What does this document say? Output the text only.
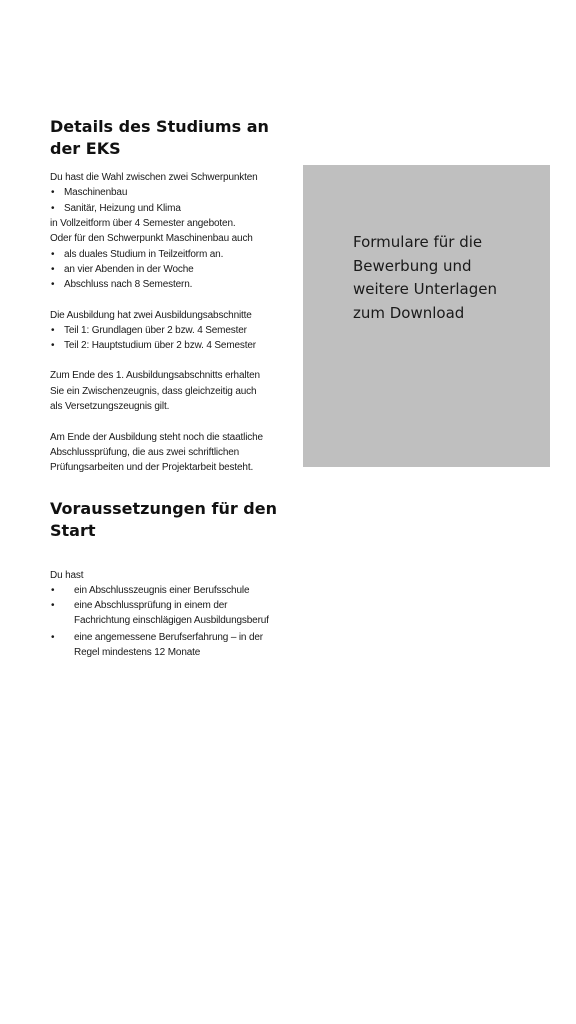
Details des Studiums an
der EKS
Du hast die Wahl zwischen zwei Schwerpunkten
• Maschinenbau
• Sanitär, Heizung und Klima
in Vollzeitform über 4 Semester angeboten.
Oder für den Schwerpunkt Maschinenbau auch
• als duales Studium in Teilzeitform an.
• an vier Abenden in der Woche
• Abschluss nach 8 Semestern.
Die Ausbildung hat zwei Ausbildungsabschnitte
• Teil 1: Grundlagen über 2 bzw. 4 Semester
• Teil 2: Hauptstudium über 2 bzw. 4 Semester
Zum Ende des 1. Ausbildungsabschnitts erhalten
Sie ein Zwischenzeugnis, dass gleichzeitig auch
als Versetzungszeugnis gilt.
Am Ende der Ausbildung steht noch die staatliche
Abschlussprüfung, die aus zwei schriftlichen
Prüfungsarbeiten und der Projektarbeit besteht.
Voraussetzungen für den
Start
Du hast
• ein Abschlusszeugnis einer Berufsschule
• eine Abschlussprüfung in einem der
Fachrichtung einschlägigen Ausbildungsberuf
• eine angemessene Berufserfahrung – in der
Regel mindestens 12 Monate
Formulare für die
Bewerbung und
weitere Unterlagen
zum Download
